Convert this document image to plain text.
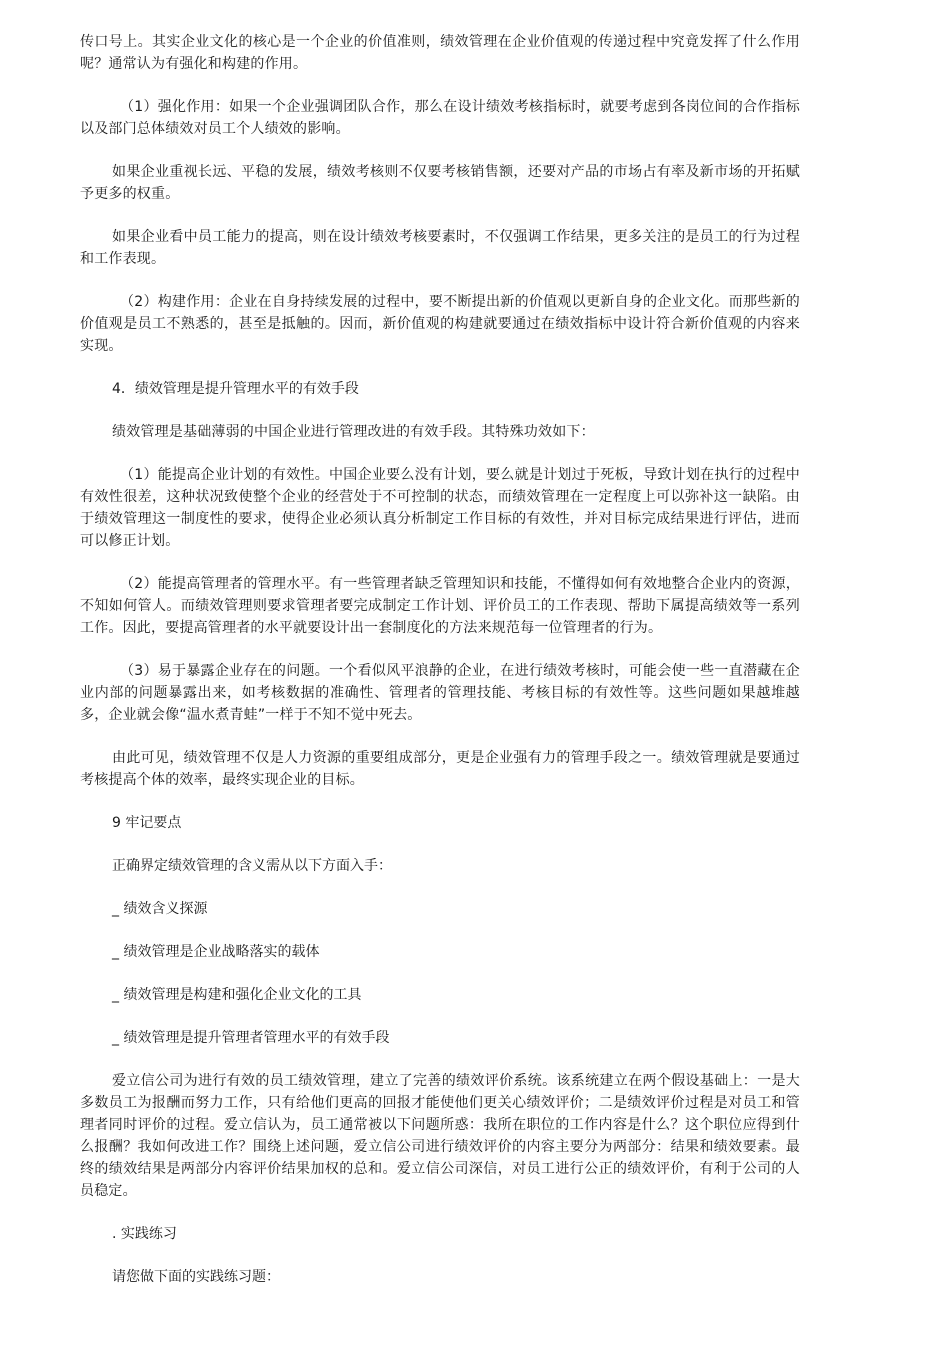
传口号上。其实企业文化的核心是一个企业的价值准则，绩效管理在企业价值观的传递过程中究竟发挥了什么作用呢？通常认为有强化和构建的作用。

（1）强化作用：如果一个企业强调团队合作，那么在设计绩效考核指标时，就要考虑到各岗位间的合作指标以及部门总体绩效对员工个人绩效的影响。

如果企业重视长远、平稳的发展，绩效考核则不仅要考核销售额，还要对产品的市场占有率及新市场的开拓赋予更多的权重。

如果企业看中员工能力的提高，则在设计绩效考核要素时，不仅强调工作结果，更多关注的是员工的行为过程和工作表现。

（2）构建作用：企业在自身持续发展的过程中，要不断提出新的价值观以更新自身的企业文化。而那些新的价值观是员工不熟悉的，甚至是抵触的。因而，新价值观的构建就要通过在绩效指标中设计符合新价值观的内容来实现。

4．绩效管理是提升管理水平的有效手段

绩效管理是基础薄弱的中国企业进行管理改进的有效手段。其特殊功效如下：

（1）能提高企业计划的有效性。中国企业要么没有计划，要么就是计划过于死板，导致计划在执行的过程中有效性很差，这种状况致使整个企业的经营处于不可控制的状态，而绩效管理在一定程度上可以弥补这一缺陷。由于绩效管理这一制度性的要求，使得企业必须认真分析制定工作目标的有效性，并对目标完成结果进行评估，进而可以修正计划。

（2）能提高管理者的管理水平。有一些管理者缺乏管理知识和技能，不懂得如何有效地整合企业内的资源，不知如何管人。而绩效管理则要求管理者要完成制定工作计划、评价员工的工作表现、帮助下属提高绩效等一系列工作。因此，要提高管理者的水平就要设计出一套制度化的方法来规范每一位管理者的行为。

（3）易于暴露企业存在的问题。一个看似风平浪静的企业，在进行绩效考核时，可能会使一些一直潜藏在企业内部的问题暴露出来，如考核数据的准确性、管理者的管理技能、考核目标的有效性等。这些问题如果越堆越多，企业就会像“温水煮青蛙”一样于不知不觉中死去。

由此可见，绩效管理不仅是人力资源的重要组成部分，更是企业强有力的管理手段之一。绩效管理就是要通过考核提高个体的效率，最终实现企业的目标。

9 牢记要点

正确界定绩效管理的含义需从以下方面入手：

_ 绩效含义探源

_ 绩效管理是企业战略落实的载体

_ 绩效管理是构建和强化企业文化的工具

_ 绩效管理是提升管理者管理水平的有效手段

爱立信公司为进行有效的员工绩效管理，建立了完善的绩效评价系统。该系统建立在两个假设基础上：一是大多数员工为报酬而努力工作，只有给他们更高的回报才能使他们更关心绩效评价；二是绩效评价过程是对员工和管理者同时评价的过程。爱立信认为，员工通常被以下问题所惑：我所在职位的工作内容是什么？这个职位应得到什么报酬？我如何改进工作？围绕上述问题，爱立信公司进行绩效评价的内容主要分为两部分：结果和绩效要素。最终的绩效结果是两部分内容评价结果加权的总和。爱立信公司深信，对员工进行公正的绩效评价，有利于公司的人员稳定。

. 实践练习

请您做下面的实践练习题：
